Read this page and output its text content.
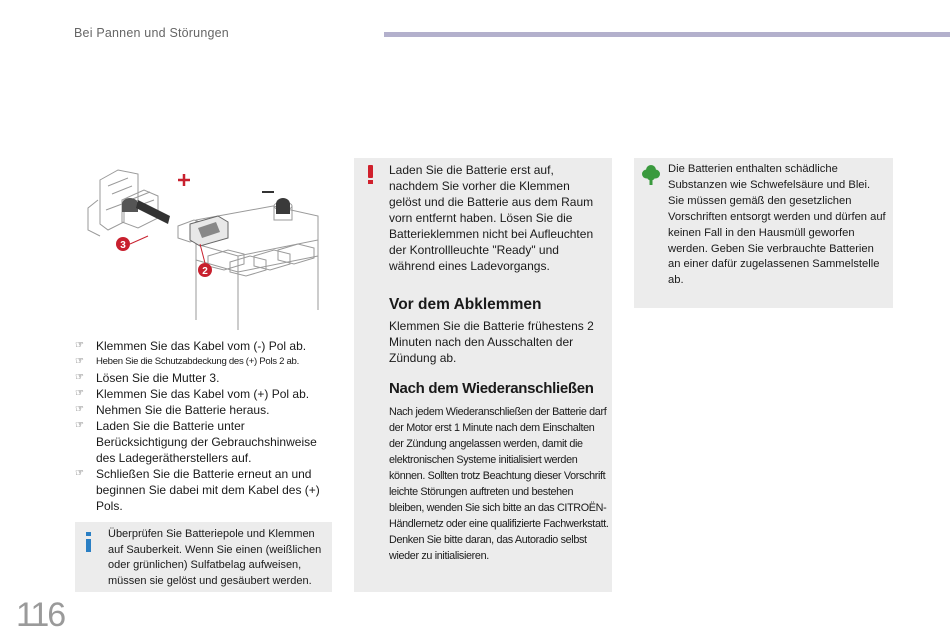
Bei Pannen und Störungen
3
2
☞ Klemmen Sie das Kabel vom (-) Pol ab.
☞ Heben Sie die Schutzabdeckung des (+) Pols 2 ab.
☞ Lösen Sie die Mutter 3.
☞ Klemmen Sie das Kabel vom (+) Pol ab.
☞ Nehmen Sie die Batterie heraus.
☞ Laden Sie die Batterie unter Berücksichtigung der Gebrauchshinweise des Ladegerätherstellers auf.
☞ Schließen Sie die Batterie erneut an und beginnen Sie dabei mit dem Kabel des (+) Pols.
Überprüfen Sie Batteriepole und Klemmen auf Sauberkeit. Wenn Sie einen (weißlichen oder grünlichen) Sulfatbelag aufweisen, müssen sie gelöst und gesäubert werden.
Laden Sie die Batterie erst auf, nachdem Sie vorher die Klemmen gelöst und die Batterie aus dem Raum vorn entfernt haben. Lösen Sie die Batterieklemmen nicht bei Aufleuchten der Kontrollleuchte "Ready" und während eines Ladevorgangs.
Vor dem Abklemmen
Klemmen Sie die Batterie frühestens 2 Minuten nach den Ausschalten der Zündung ab.
Nach dem Wiederanschließen
Nach jedem Wiederanschließen der Batterie darf der Motor erst 1 Minute nach dem Einschalten der Zündung angelassen werden, damit die elektronischen Systeme initialisiert werden können. Sollten trotz Beachtung dieser Vorschrift leichte Störungen auftreten und bestehen bleiben, wenden Sie sich bitte an das CITROËN-Händlernetz oder eine qualifizierte Fachwerkstatt. Denken Sie bitte daran, das Autoradio selbst wieder zu initialisieren.
Die Batterien enthalten schädliche Substanzen wie Schwefelsäure und Blei. Sie müssen gemäß den gesetzlichen Vorschriften entsorgt werden und dürfen auf keinen Fall in den Hausmüll geworfen werden. Geben Sie verbrauchte Batterien an einer dafür zugelassenen Sammelstelle ab.
116
